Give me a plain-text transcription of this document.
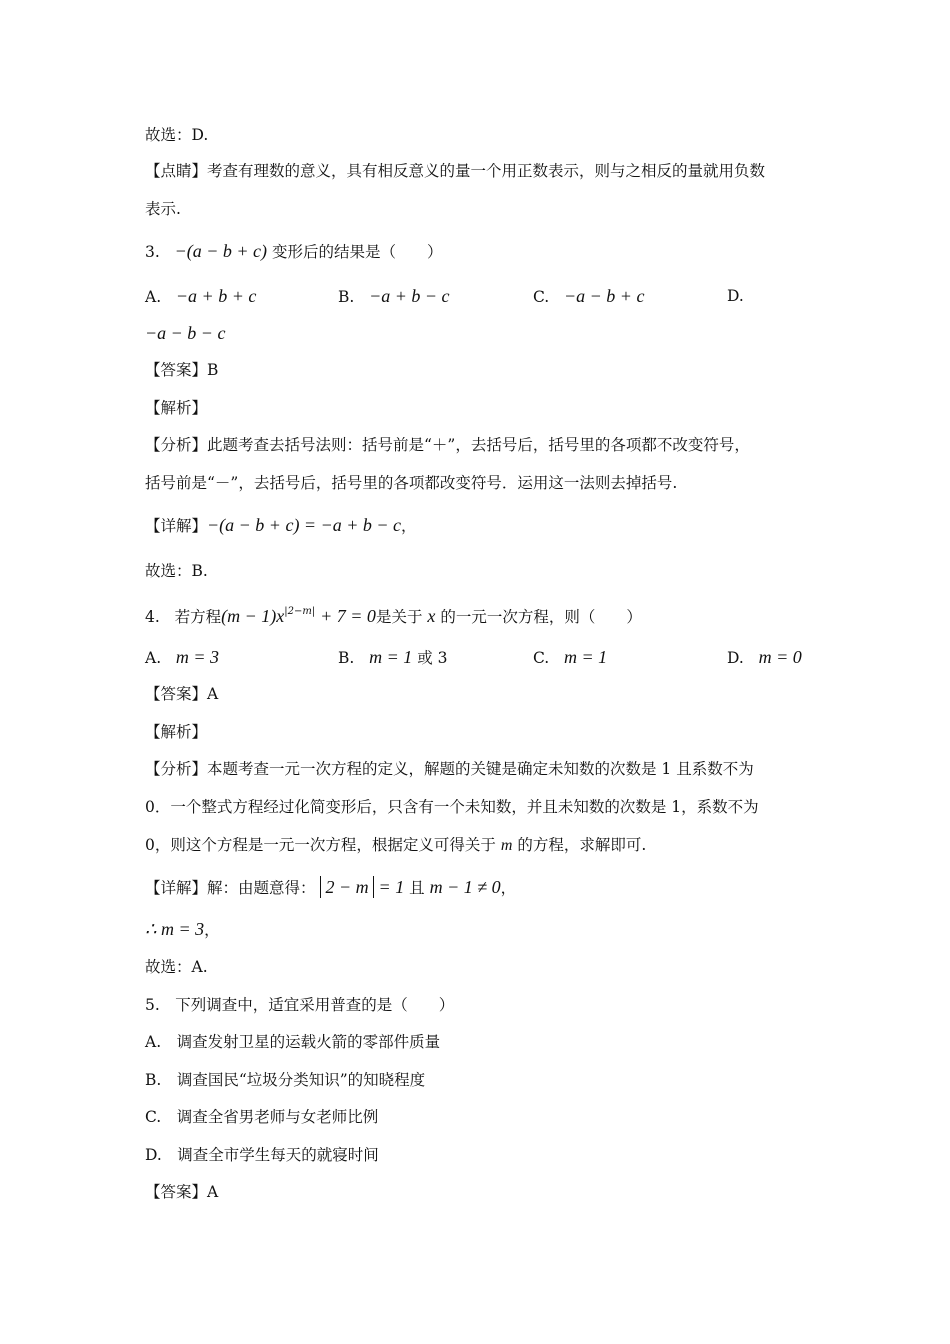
故选：D.
【点睛】考查有理数的意义，具有相反意义的量一个用正数表示，则与之相反的量就用负数
表示.
3. −(a − b + c) 变形后的结果是（　　）
A. −a + b + c	B. −a + b − c	C. −a − b + c	D.
−a − b − c
【答案】B
【解析】
【分析】此题考查去括号法则：括号前是“＋”，去括号后，括号里的各项都不改变符号，
括号前是“－”，去括号后，括号里的各项都改变符号．运用这一法则去掉括号.
【详解】−(a − b + c) = −a + b − c，
故选：B.
4. 若方程$(m - 1)x^{|2-m|} + 7 = 0$是关于 x 的一元一次方程，则（　　）
A. m = 3	B. m = 1 或 3	C. m = 1	D. m = 0
【答案】A
【解析】
【分析】本题考查一元一次方程的定义，解题的关键是确定未知数的次数是 1 且系数不为
0．一个整式方程经过化简变形后，只含有一个未知数，并且未知数的次数是 1，系数不为
0，则这个方程是一元一次方程，根据定义可得关于 m 的方程，求解即可.
【详解】解：由题意得： 2 − m = 1 且 m − 1 ≠ 0，
∴ m = 3，
故选：A.
5.　下列调查中，适宜采用普查的是（　　）
A.　调查发射卫星的运载火箭的零部件质量
B.　调查国民“垃圾分类知识”的知晓程度
C.　调查全省男老师与女老师比例
D.　调查全市学生每天的就寝时间
【答案】A
